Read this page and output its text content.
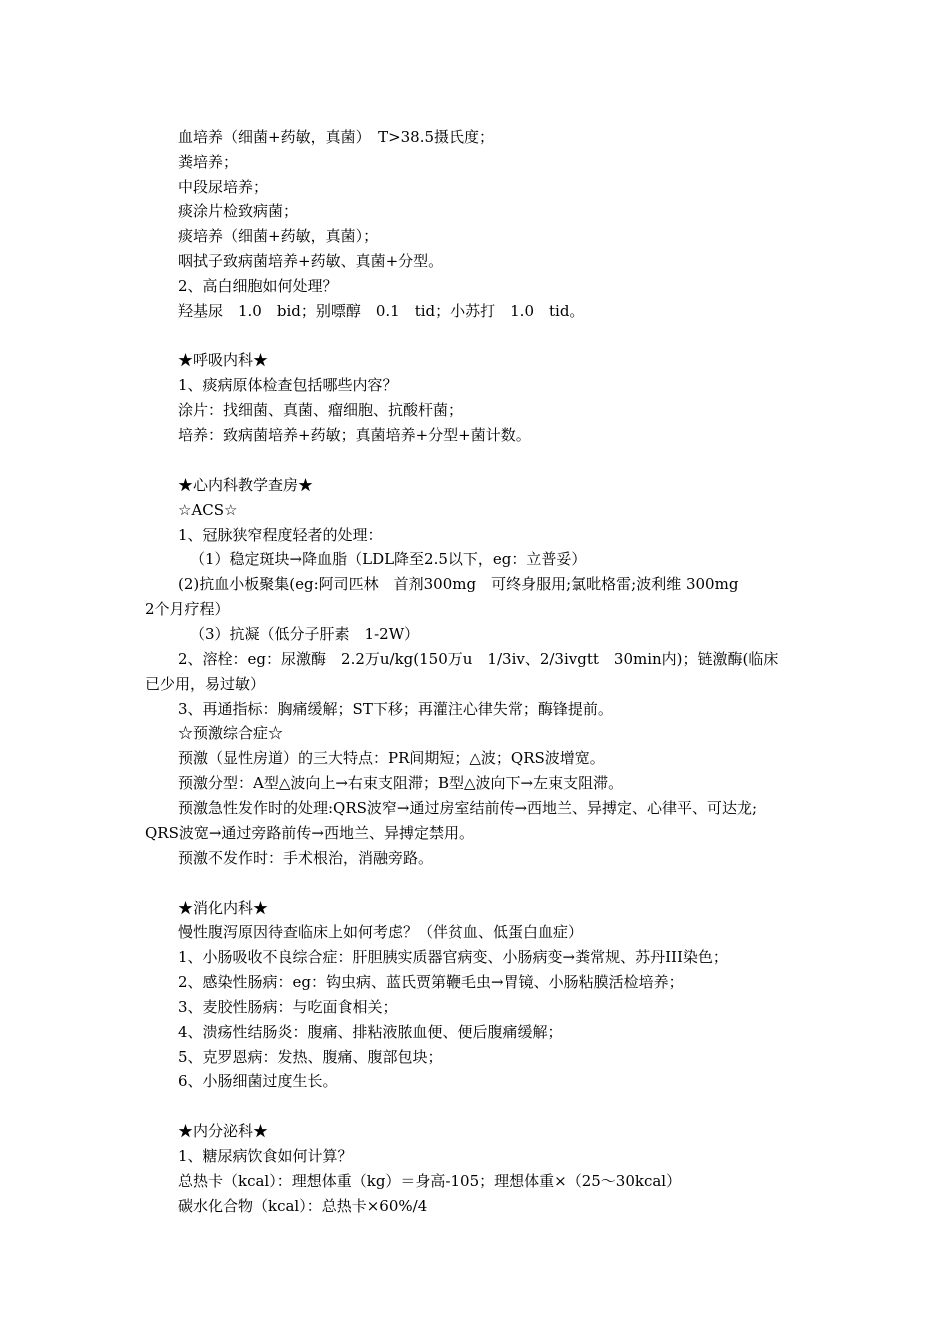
血培养（细菌+药敏，真菌）　T>38.5摄氏度；
粪培养；
中段尿培养；
痰涂片检致病菌；
痰培养（细菌+药敏，真菌）；
咽拭子致病菌培养+药敏、真菌+分型。
2、高白细胞如何处理？
羟基尿　1.0　bid；别嘌醇　0.1　tid；小苏打　1.0　tid。
★呼吸内科★
1、痰病原体检查包括哪些内容？
涂片：找细菌、真菌、瘤细胞、抗酸杆菌；
培养：致病菌培养+药敏；真菌培养+分型+菌计数。
★心内科教学查房★
☆ACS☆
1、冠脉狭窄程度轻者的处理：
（1）稳定斑块→降血脂（LDL降至2.5以下，eg：立普妥）
(2)抗血小板聚集(eg:阿司匹林　首剂300mg　可终身服用;氯吡格雷;波利维 300mg
2个月疗程）
（3）抗凝（低分子肝素　1-2W）
2、溶栓：eg：尿激酶　2.2万u/kg(150万u　1/3iv、2/3ivgtt　30min内)；链激酶(临床
已少用，易过敏）
3、再通指标：胸痛缓解；ST下移；再灌注心律失常；酶锋提前。
☆预激综合症☆
预激（显性房道）的三大特点：PR间期短；△波；QRS波增宽。
预激分型：A型△波向上→右束支阻滞；B型△波向下→左束支阻滞。
预激急性发作时的处理:QRS波窄→通过房室结前传→西地兰、异搏定、心律平、可达龙;
QRS波宽→通过旁路前传→西地兰、异搏定禁用。
预激不发作时：手术根治，消融旁路。
★消化内科★
慢性腹泻原因待查临床上如何考虑？（伴贫血、低蛋白血症）
1、小肠吸收不良综合症：肝胆胰实质器官病变、小肠病变→粪常规、苏丹III染色；
2、感染性肠病：eg：钩虫病、蓝氏贾第鞭毛虫→胃镜、小肠粘膜活检培养；
3、麦胶性肠病：与吃面食相关；
4、溃疡性结肠炎：腹痛、排粘液脓血便、便后腹痛缓解；
5、克罗恩病：发热、腹痛、腹部包块；
6、小肠细菌过度生长。
★内分泌科★
1、糖尿病饮食如何计算？
总热卡（kcal）：理想体重（kg）＝身高-105；理想体重×（25～30kcal）
碳水化合物（kcal）：总热卡×60%/4
